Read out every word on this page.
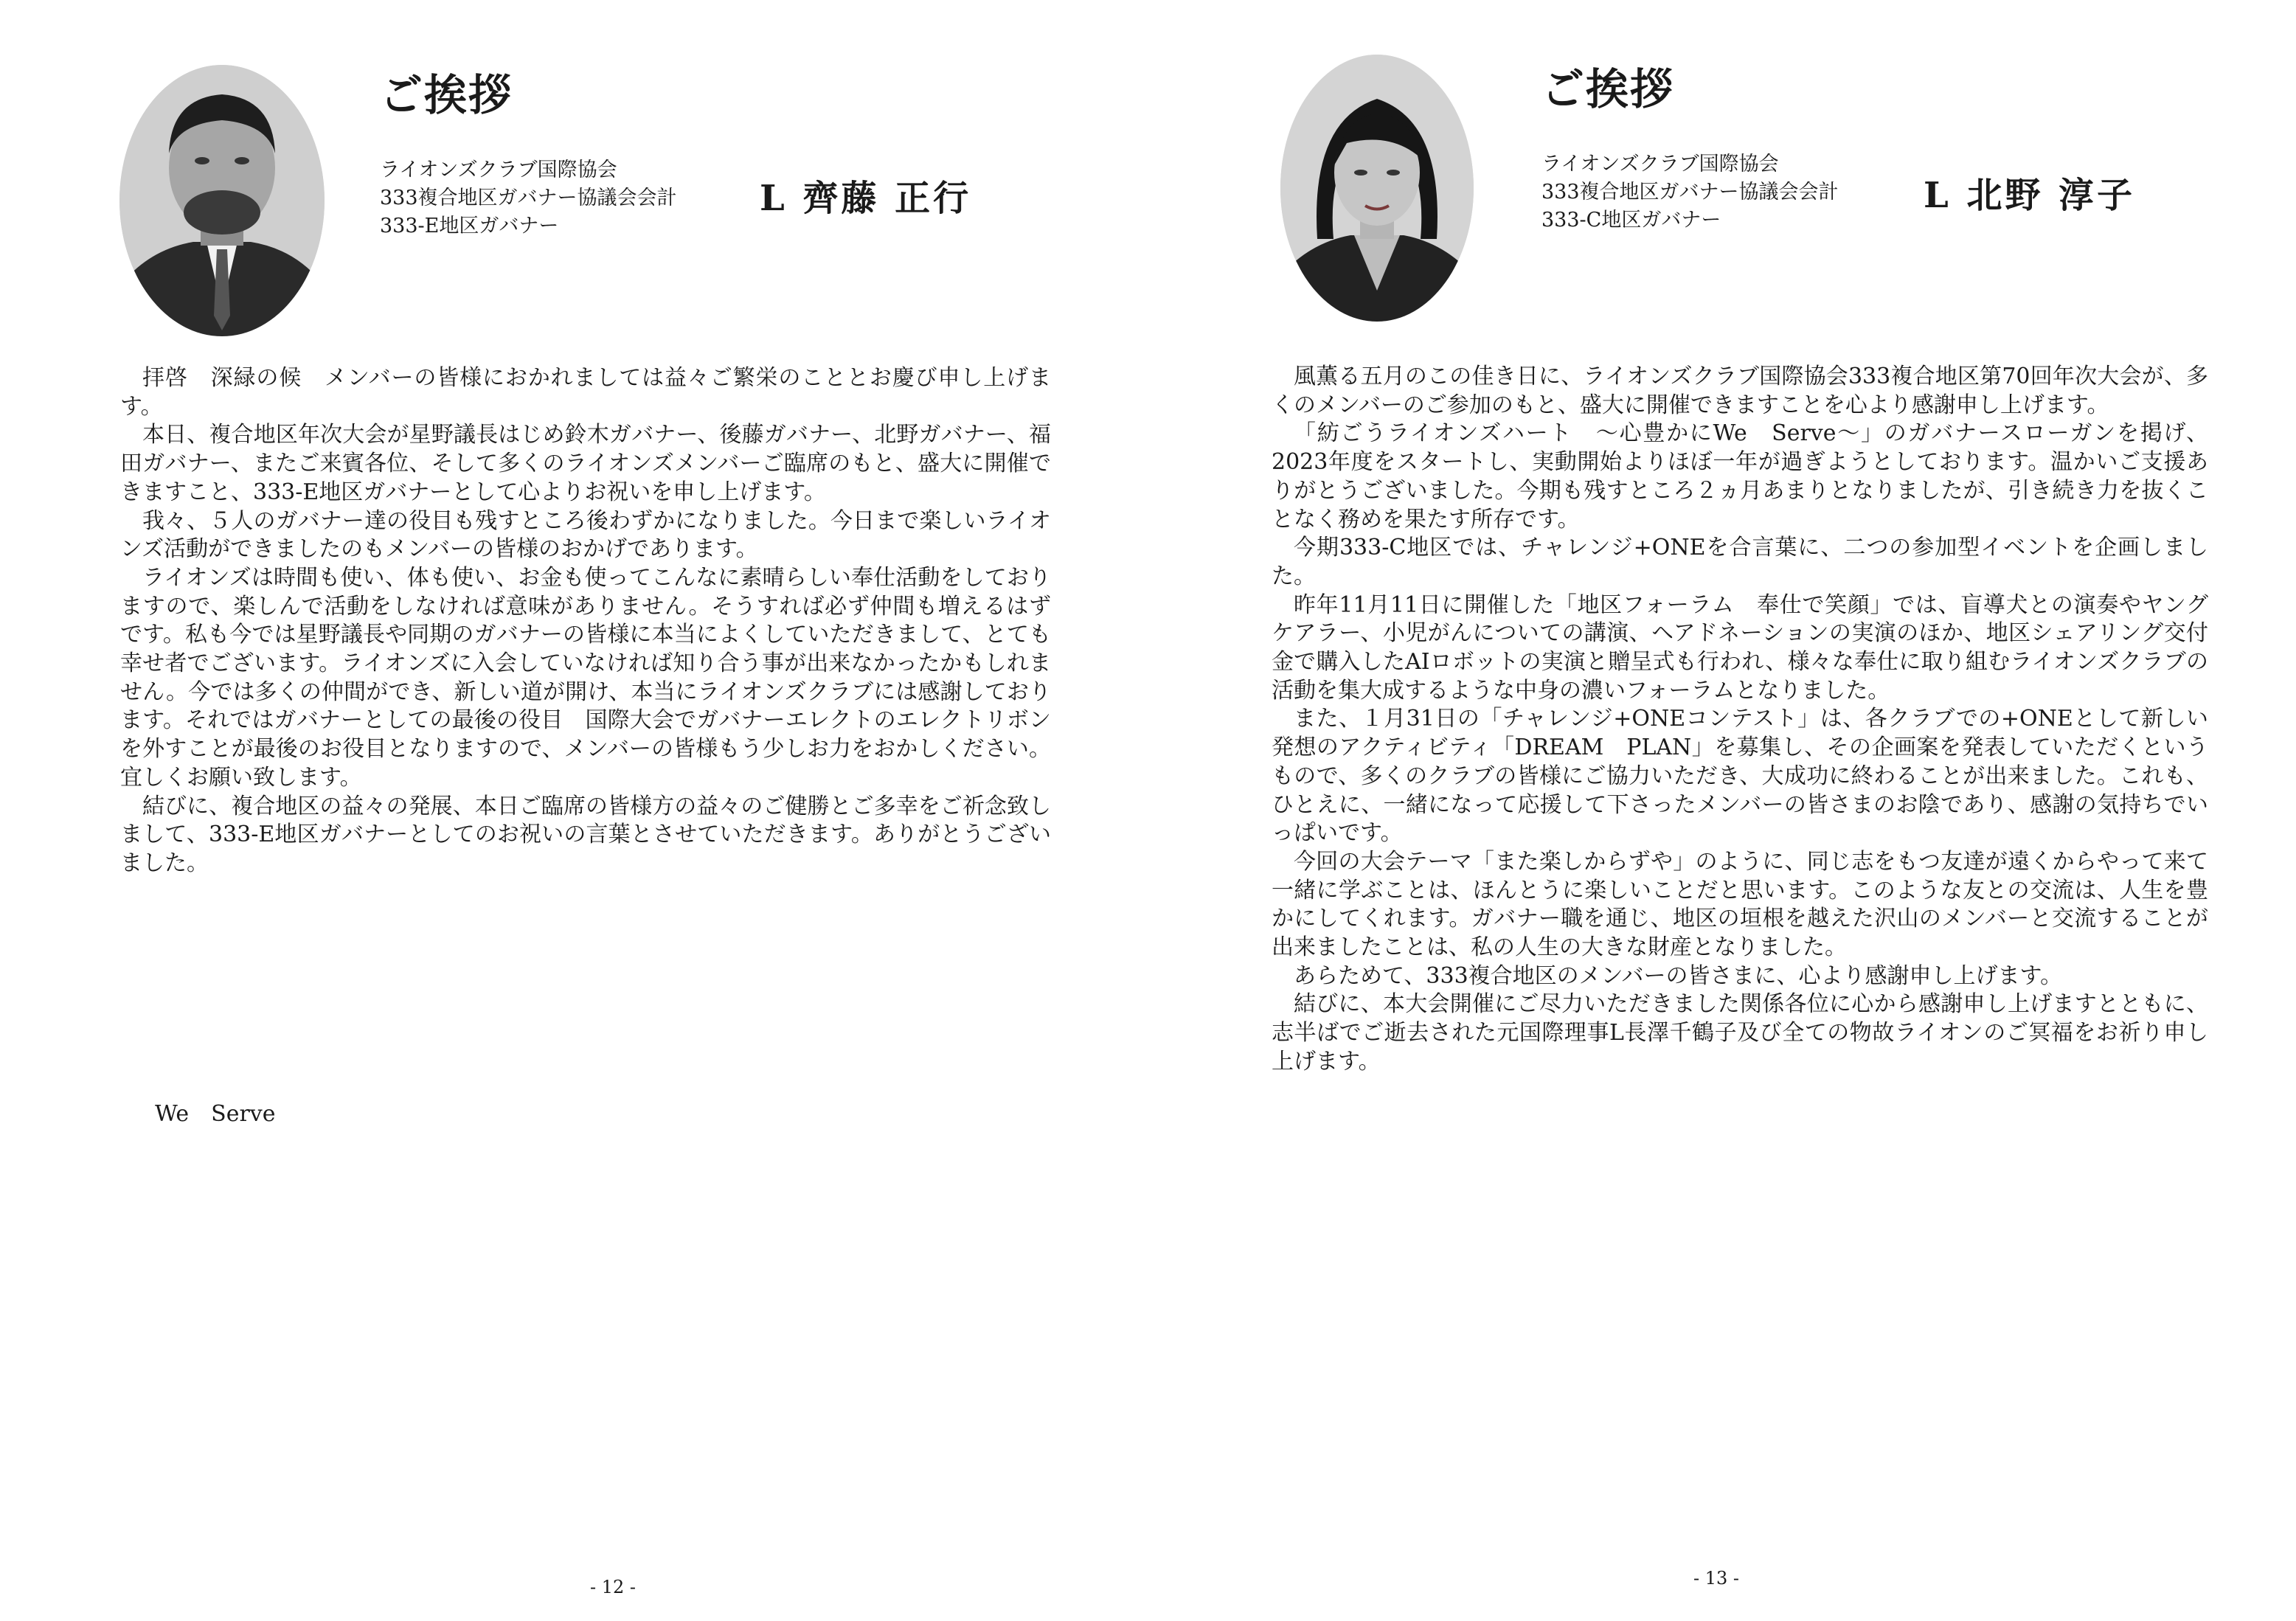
ご挨拶
ライオンズクラブ国際協会
333複合地区ガバナー協議会会計
333-E地区ガバナー
L 齊藤 正行

拝啓　深緑の候　メンバーの皆様におかれましては益々ご繁栄のこととお慶び申し上げます。

本日、複合地区年次大会が星野議長はじめ鈴木ガバナー、後藤ガバナー、北野ガバナー、福田ガバナー、またご来賓各位、そして多くのライオンズメンバーご臨席のもと、盛大に開催できますこと、333-E地区ガバナーとして心よりお祝いを申し上げます。

我々、５人のガバナー達の役目も残すところ後わずかになりました。今日まで楽しいライオンズ活動ができましたのもメンバーの皆様のおかげであります。

ライオンズは時間も使い、体も使い、お金も使ってこんなに素晴らしい奉仕活動をしておりますので、楽しんで活動をしなければ意味がありません。そうすれば必ず仲間も増えるはずです。私も今では星野議長や同期のガバナーの皆様に本当によくしていただきまして、とても幸せ者でございます。ライオンズに入会していなければ知り合う事が出来なかったかもしれません。今では多くの仲間ができ、新しい道が開け、本当にライオンズクラブには感謝しております。それではガバナーとしての最後の役目　国際大会でガバナーエレクトのエレクトリボンを外すことが最後のお役目となりますので、メンバーの皆様もう少しお力をおかしください。宜しくお願い致します。

結びに、複合地区の益々の発展、本日ご臨席の皆様方の益々のご健勝とご多幸をご祈念致しまして、333-E地区ガバナーとしてのお祝いの言葉とさせていただきます。ありがとうございました。

We　Serve
- 12 -
ご挨拶
ライオンズクラブ国際協会
333複合地区ガバナー協議会会計
333-C地区ガバナー
L 北野 淳子

風薫る五月のこの佳き日に、ライオンズクラブ国際協会333複合地区第70回年次大会が、多くのメンバーのご参加のもと、盛大に開催できますことを心より感謝申し上げます。

「紡ごうライオンズハート　～心豊かにWe　Serve～」のガバナースローガンを掲げ、2023年度をスタートし、実動開始よりほぼ一年が過ぎようとしております。温かいご支援ありがとうございました。今期も残すところ２ヵ月あまりとなりましたが、引き続き力を抜くことなく務めを果たす所存です。

今期333-C地区では、チャレンジ+ONEを合言葉に、二つの参加型イベントを企画しました。

昨年11月11日に開催した「地区フォーラム　奉仕で笑顔」では、盲導犬との演奏やヤングケアラー、小児がんについての講演、ヘアドネーションの実演のほか、地区シェアリング交付金で購入したAIロボットの実演と贈呈式も行われ、様々な奉仕に取り組むライオンズクラブの活動を集大成するような中身の濃いフォーラムとなりました。

また、１月31日の「チャレンジ+ONEコンテスト」は、各クラブでの+ONEとして新しい発想のアクティビティ「DREAM　PLAN」を募集し、その企画案を発表していただくというもので、多くのクラブの皆様にご協力いただき、大成功に終わることが出来ました。これも、ひとえに、一緒になって応援して下さったメンバーの皆さまのお陰であり、感謝の気持ちでいっぱいです。

今回の大会テーマ「また楽しからずや」のように、同じ志をもつ友達が遠くからやって来て一緒に学ぶことは、ほんとうに楽しいことだと思います。このような友との交流は、人生を豊かにしてくれます。ガバナー職を通じ、地区の垣根を越えた沢山のメンバーと交流することが出来ましたことは、私の人生の大きな財産となりました。

あらためて、333複合地区のメンバーの皆さまに、心より感謝申し上げます。

結びに、本大会開催にご尽力いただきました関係各位に心から感謝申し上げますとともに、志半ばでご逝去された元国際理事L長澤千鶴子及び全ての物故ライオンのご冥福をお祈り申し上げます。

- 13 -
